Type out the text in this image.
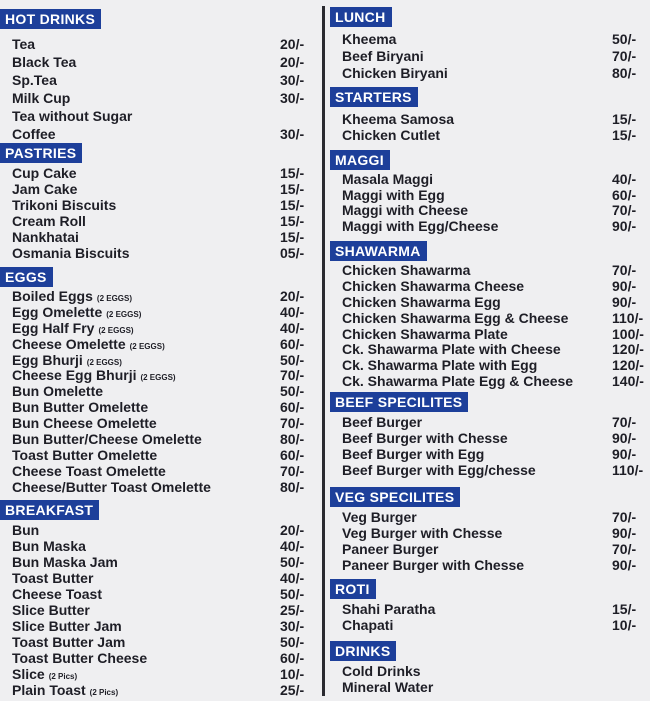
HOT DRINKS
Tea	20/-
Black Tea	20/-
Sp.Tea	30/-
Milk Cup	30/-
Tea without Sugar
Coffee	30/-
PASTRIES
Cup Cake	15/-
Jam Cake	15/-
Trikoni Biscuits	15/-
Cream Roll	15/-
Nankhatai	15/-
Osmania Biscuits	05/-
EGGS
Boiled Eggs (2 EGGS)	20/-
Egg Omelette (2 EGGS)	40/-
Egg Half Fry (2 EGGS)	40/-
Cheese Omelette (2 EGGS)	60/-
Egg Bhurji (2 EGGS)	50/-
Cheese Egg Bhurji (2 EGGS)	70/-
Bun Omelette	50/-
Bun Butter Omelette	60/-
Bun Cheese Omelette	70/-
Bun Butter/Cheese Omelette	80/-
Toast Butter Omelette	60/-
Cheese Toast Omelette	70/-
Cheese/Butter Toast Omelette	80/-
BREAKFAST
Bun	20/-
Bun Maska	40/-
Bun Maska Jam	50/-
Toast Butter	40/-
Cheese Toast	50/-
Slice Butter	25/-
Slice Butter Jam	30/-
Toast Butter Jam	50/-
Toast Butter Cheese	60/-
Slice (2 Pics)	10/-
Plain Toast (2 Pics)	25/-
LUNCH
Kheema	50/-
Beef Biryani	70/-
Chicken Biryani	80/-
STARTERS
Kheema Samosa	15/-
Chicken Cutlet	15/-
MAGGI
Masala Maggi	40/-
Maggi with Egg	60/-
Maggi with Cheese	70/-
Maggi with Egg/Cheese	90/-
SHAWARMA
Chicken Shawarma	70/-
Chicken Shawarma Cheese	90/-
Chicken Shawarma Egg	90/-
Chicken Shawarma Egg & Cheese	110/-
Chicken Shawarma Plate	100/-
Ck. Shawarma Plate with Cheese	120/-
Ck. Shawarma Plate with Egg	120/-
Ck. Shawarma Plate Egg & Cheese	140/-
BEEF SPECILITES
Beef Burger	70/-
Beef Burger with Chesse	90/-
Beef Burger with Egg	90/-
Beef Burger with Egg/chesse	110/-
VEG SPECILITES
Veg Burger	70/-
Veg Burger with Chesse	90/-
Paneer Burger	70/-
Paneer Burger with Chesse	90/-
ROTI
Shahi Paratha	15/-
Chapati	10/-
DRINKS
Cold Drinks
Mineral Water
